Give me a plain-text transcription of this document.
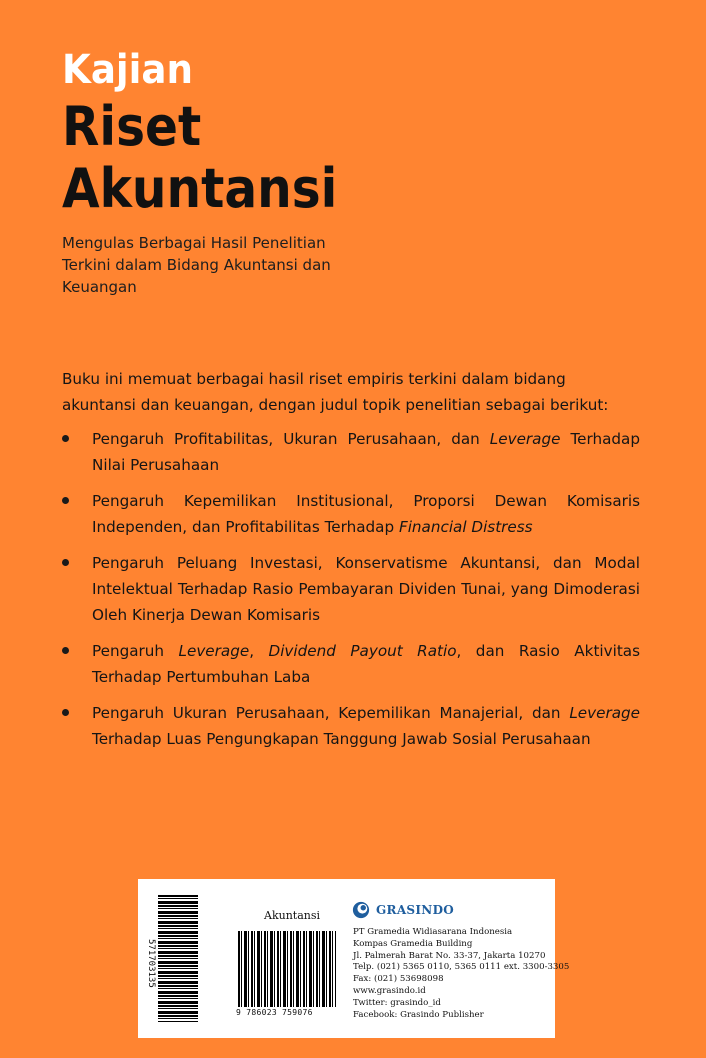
Kajian
Riset
Akuntansi
Mengulas Berbagai Hasil Penelitian Terkini dalam Bidang Akuntansi dan Keuangan
Buku ini memuat berbagai hasil riset empiris terkini dalam bidang akuntansi dan keuangan, dengan judul topik penelitian sebagai berikut:
Pengaruh Profitabilitas, Ukuran Perusahaan, dan Leverage Terhadap Nilai Perusahaan
Pengaruh Kepemilikan Institusional, Proporsi Dewan Komisaris Independen, dan Profitabilitas Terhadap Financial Distress
Pengaruh Peluang Investasi, Konservatisme Akuntansi, dan Modal Intelektual Terhadap Rasio Pembayaran Dividen Tunai, yang Dimoderasi Oleh Kinerja Dewan Komisaris
Pengaruh Leverage, Dividend Payout Ratio, dan Rasio Aktivitas Terhadap Pertumbuhan Laba
Pengaruh Ukuran Perusahaan, Kepemilikan Manajerial, dan Leverage Terhadap Luas Pengungkapan Tanggung Jawab Sosial Perusahaan
571703135
Akuntansi
9 786023 759076
GRASINDO
PT Gramedia Widiasarana Indonesia
Kompas Gramedia Building
Jl. Palmerah Barat No. 33-37, Jakarta 10270
Telp. (021) 5365 0110, 5365 0111 ext. 3300-3305
Fax: (021) 53698098
www.grasindo.id
Twitter: grasindo_id
Facebook: Grasindo Publisher
